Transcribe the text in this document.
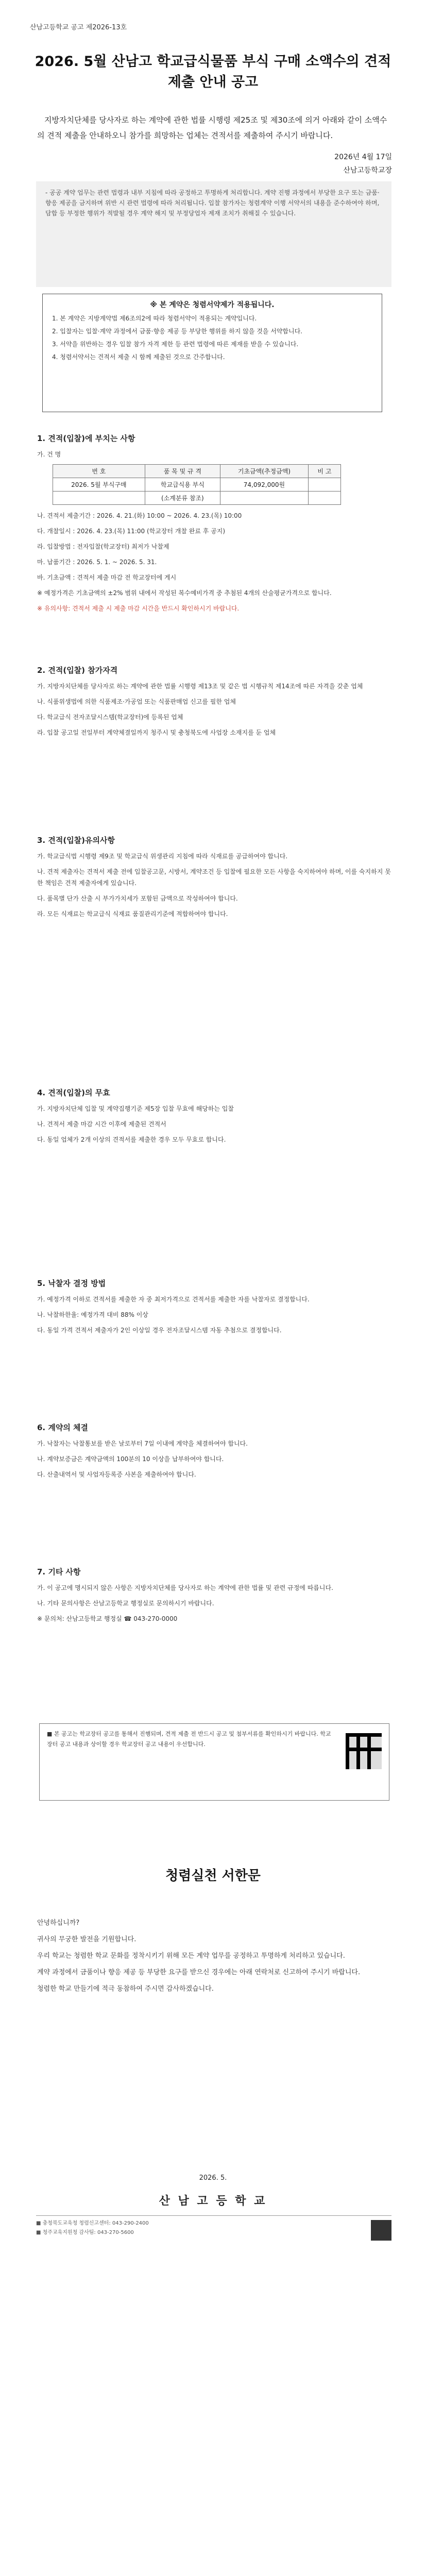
산남고등학교 공고 제2026-13호
2026. 5월 산남고 학교급식물품 부식 구매 소액수의 견적 제출 안내 공고
지방자치단체를 당사자로 하는 계약에 관한 법률 시행령 제25조 및 제30조에 의거 아래와 같이 소액수의 견적 제출을 안내하오니 참가를 희망하는 업체는 견적서를 제출하여 주시기 바랍니다.
2026년 4월 17일
산남고등학교장

- 공공 계약 업무는 관련 법령과 내부 지침에 따라 공정하고 투명하게 처리합니다. 계약 진행 과정에서 부당한 요구 또는 금품·향응 제공을 금지하며 위반 시 관련 법령에 따라 처리됩니다. 입찰 참가자는 청렴계약 이행 서약서의 내용을 준수하여야 하며, 담합 등 부정한 행위가 적발될 경우 계약 해지 및 부정당업자 제재 조치가 취해질 수 있습니다.

※ 본 계약은 청렴서약제가 적용됩니다.

1. 본 계약은 지방계약법 제6조의2에 따라 청렴서약이 적용되는 계약입니다.

2. 입찰자는 입찰·계약 과정에서 금품·향응 제공 등 부당한 행위를 하지 않을 것을 서약합니다.

3. 서약을 위반하는 경우 입찰 참가 자격 제한 등 관련 법령에 따른 제재를 받을 수 있습니다.

4. 청렴서약서는 견적서 제출 시 함께 제출된 것으로 간주합니다.

1. 견적(입찰)에 부치는 사항

가. 건 명

번 호	품 목 및 규 격	기초금액(추정금액)	비 고
2026. 5월 부식구매	학교급식용 부식	74,092,000원	
	(소계분류 참조)		

나. 견적서 제출기간 : 2026. 4. 21.(화) 10:00 ~ 2026. 4. 23.(목) 10:00

다. 개찰일시 : 2026. 4. 23.(목) 11:00 (학교장터 개찰 완료 후 공지)

라. 입찰방법 : 전자입찰(학교장터) 최저가 낙찰제

마. 납품기간 : 2026. 5. 1. ~ 2026. 5. 31.

바. 기초금액 : 견적서 제출 마감 전 학교장터에 게시

※ 예정가격은 기초금액의 ±2% 범위 내에서 작성된 복수예비가격 중 추첨된 4개의 산술평균가격으로 합니다.

※ 유의사항: 견적서 제출 시 제출 마감 시간을 반드시 확인하시기 바랍니다.

2. 견적(입찰) 참가자격

가. 지방자치단체를 당사자로 하는 계약에 관한 법률 시행령 제13조 및 같은 법 시행규칙 제14조에 따른 자격을 갖춘 업체

나. 식품위생법에 의한 식품제조·가공업 또는 식품판매업 신고를 필한 업체

다. 학교급식 전자조달시스템(학교장터)에 등록된 업체

라. 입찰 공고일 전일부터 계약체결일까지 청주시 및 충청북도에 사업장 소재지를 둔 업체

3. 견적(입찰)유의사항

가. 학교급식법 시행령 제9조 및 학교급식 위생관리 지침에 따라 식재료를 공급하여야 합니다.

나. 견적 제출자는 견적서 제출 전에 입찰공고문, 시방서, 계약조건 등 입찰에 필요한 모든 사항을 숙지하여야 하며, 이를 숙지하지 못한 책임은 견적 제출자에게 있습니다.

다. 품목별 단가 산출 시 부가가치세가 포함된 금액으로 작성하여야 합니다.

라. 모든 식재료는 학교급식 식재료 품질관리기준에 적합하여야 합니다.

4. 견적(입찰)의 무효

가. 지방자치단체 입찰 및 계약집행기준 제5장 입찰 무효에 해당하는 입찰

나. 견적서 제출 마감 시간 이후에 제출된 견적서

다. 동일 업체가 2개 이상의 견적서를 제출한 경우 모두 무효로 합니다.

5. 낙찰자 결정 방법

가. 예정가격 이하로 견적서를 제출한 자 중 최저가격으로 견적서를 제출한 자를 낙찰자로 결정합니다.

나. 낙찰하한율: 예정가격 대비 88% 이상

다. 동일 가격 견적서 제출자가 2인 이상일 경우 전자조달시스템 자동 추첨으로 결정합니다.

6. 계약의 체결

가. 낙찰자는 낙찰통보를 받은 날로부터 7일 이내에 계약을 체결하여야 합니다.

나. 계약보증금은 계약금액의 100분의 10 이상을 납부하여야 합니다.

다. 산출내역서 및 사업자등록증 사본을 제출하여야 합니다.

7. 기타 사항

가. 이 공고에 명시되지 않은 사항은 지방자치단체를 당사자로 하는 계약에 관한 법률 및 관련 규정에 따릅니다.

나. 기타 문의사항은 산남고등학교 행정실로 문의하시기 바랍니다.

※ 문의처: 산남고등학교 행정실 ☎ 043-270-0000

■ 본 공고는 학교장터 공고를 통해서 진행되며, 견적 제출 전 반드시 공고 및 첨부서류를 확인하시기 바랍니다. 학교장터 공고 내용과 상이할 경우 학교장터 공고 내용이 우선합니다.
청렴실천 서한문

안녕하십니까?

귀사의 무궁한 발전을 기원합니다.

우리 학교는 청렴한 학교 문화를 정착시키기 위해 모든 계약 업무를 공정하고 투명하게 처리하고 있습니다.

계약 과정에서 금품이나 향응 제공 등 부당한 요구를 받으신 경우에는 아래 연락처로 신고하여 주시기 바랍니다.

청렴한 학교 만들기에 적극 동참하여 주시면 감사하겠습니다.

2026. 5.
산 남 고 등 학 교
■ 충청북도교육청 청렴신고센터: 043-290-2400
■ 청주교육지원청 감사팀: 043-270-5600
